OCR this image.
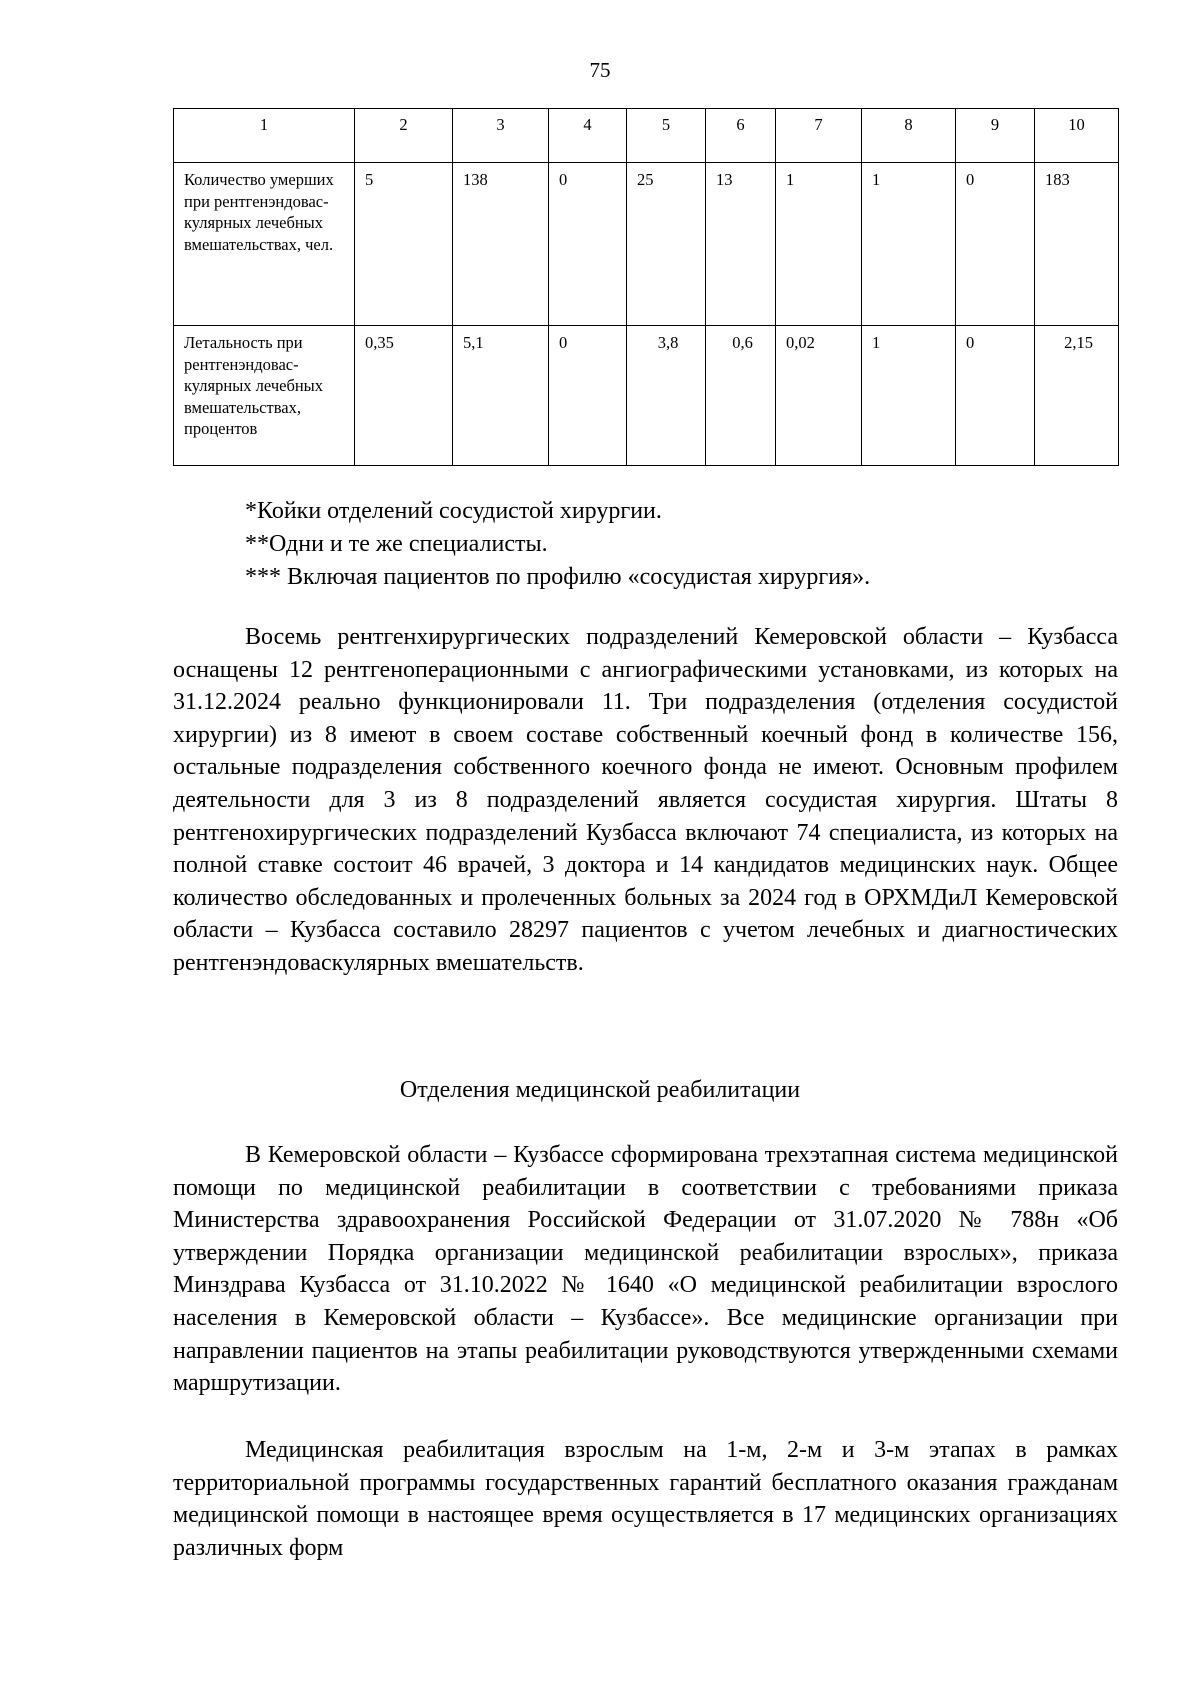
75
1	2	3	4	5	6	7	8	9	10
Количество умерших при рентгенэндовас-кулярных лечебных вмешательствах, чел.	5	138	0	25	13	1	1	0	183
Летальность при рентгенэндовас-кулярных лечебных вмешательствах, процентов	0,35	5,1	0	3,8	0,6	0,02	1	0	2,15
*Койки отделений сосудистой хирургии.
**Одни и те же специалисты.
*** Включая пациентов по профилю «сосудистая хирургия».

Восемь рентгенхирургических подразделений Кемеровской области – Кузбасса оснащены 12 рентгеноперационными с ангиографическими установками, из которых на 31.12.2024 реально функционировали 11. Три подразделения (отделения сосудистой хирургии) из 8 имеют в своем составе собственный коечный фонд в количестве 156, остальные подразделения собственного коечного фонда не имеют. Основным профилем деятельности для 3 из 8 подразделений является сосудистая хирургия. Штаты 8 рентгенохирургических подразделений Кузбасса включают 74 специалиста, из которых на полной ставке состоит 46 врачей, 3 доктора и 14 кандидатов медицинских наук. Общее количество обследованных и пролеченных больных за 2024 год в ОРХМДиЛ Кемеровской области – Кузбасса составило 28297 пациентов с учетом лечебных и диагностических рентгенэндоваскулярных вмешательств.

Отделения медицинской реабилитации

В Кемеровской области – Кузбассе сформирована трехэтапная система медицинской помощи по медицинской реабилитации в соответствии с требованиями приказа Министерства здравоохранения Российской Федерации от 31.07.2020 № 788н «Об утверждении Порядка организации медицинской реабилитации взрослых», приказа Минздрава Кузбасса от 31.10.2022 № 1640 «О медицинской реабилитации взрослого населения в Кемеровской области – Кузбассе». Все медицинские организации при направлении пациентов на этапы реабилитации руководствуются утвержденными схемами маршрутизации.

Медицинская реабилитация взрослым на 1-м, 2-м и 3-м этапах в рамках территориальной программы государственных гарантий бесплатного оказания гражданам медицинской помощи в настоящее время осуществляется в 17 медицинских организациях различных форм
